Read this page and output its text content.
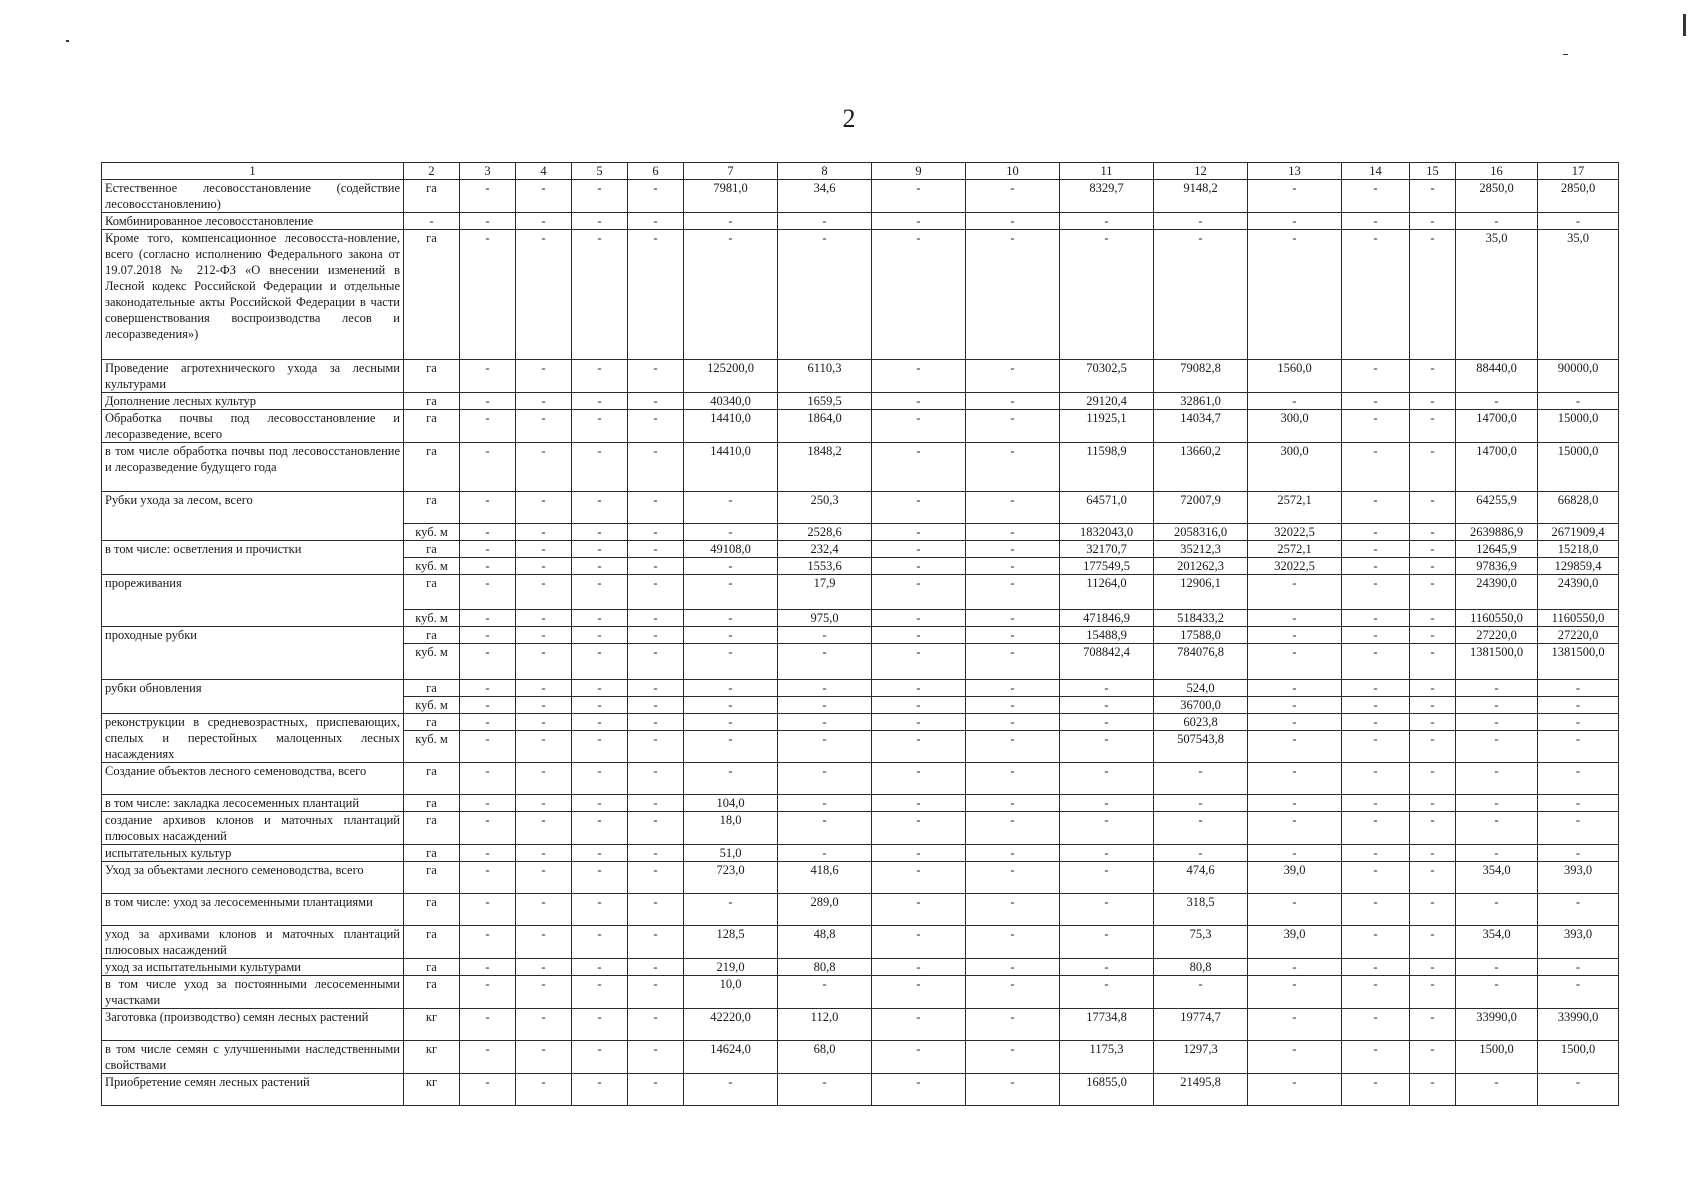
2
1	2	3	4	5	6	7	8	9	10	11	12	13	14	15	16	17
Естественное лесовосстановление (содействие лесовосстановлению)	га	-	-	-	-	7981,0	34,6	-	-	8329,7	9148,2	-	-	-	2850,0	2850,0
Комбинированное лесовосстановление	-	-	-	-	-	-	-	-	-	-	-	-	-	-	-	-
Кроме того, компенсационное лесовосста-новление, всего (согласно исполнению Федерального закона от 19.07.2018 № 212-ФЗ «О внесении изменений в Лесной кодекс Российской Федерации и отдельные законодательные акты Российской Федерации в части совершенствования воспроизводства лесов и лесоразведения»)	га	-	-	-	-	-	-	-	-	-	-	-	-	-	35,0	35,0
Проведение агротехнического ухода за лесными культурами	га	-	-	-	-	125200,0	6110,3	-	-	70302,5	79082,8	1560,0	-	-	88440,0	90000,0
Дополнение лесных культур	га	-	-	-	-	40340,0	1659,5	-	-	29120,4	32861,0	-	-	-	-	-
Обработка почвы под лесовосстановление и лесоразведение, всего	га	-	-	-	-	14410,0	1864,0	-	-	11925,1	14034,7	300,0	-	-	14700,0	15000,0
в том числе обработка почвы под лесовосстановление и лесоразведение будущего года	га	-	-	-	-	14410,0	1848,2	-	-	11598,9	13660,2	300,0	-	-	14700,0	15000,0
Рубки ухода за лесом, всего	га	-	-	-	-	-	250,3	-	-	64571,0	72007,9	2572,1	-	-	64255,9	66828,0
	куб. м	-	-	-	-	-	2528,6	-	-	1832043,0	2058316,0	32022,5	-	-	2639886,9	2671909,4
в том числе: осветления и прочистки	га	-	-	-	-	49108,0	232,4	-	-	32170,7	35212,3	2572,1	-	-	12645,9	15218,0
	куб. м	-	-	-	-	-	1553,6	-	-	177549,5	201262,3	32022,5	-	-	97836,9	129859,4
прореживания	га	-	-	-	-	-	17,9	-	-	11264,0	12906,1	-	-	-	24390,0	24390,0
	куб. м	-	-	-	-	-	975,0	-	-	471846,9	518433,2	-	-	-	1160550,0	1160550,0
проходные рубки	га	-	-	-	-	-	-	-	-	15488,9	17588,0	-	-	-	27220,0	27220,0
	куб. м	-	-	-	-	-	-	-	-	708842,4	784076,8	-	-	-	1381500,0	1381500,0
рубки обновления	га	-	-	-	-	-	-	-	-	-	524,0	-	-	-	-	-
	куб. м	-	-	-	-	-	-	-	-	-	36700,0	-	-	-	-	-
реконструкции в средневозрастных, приспевающих, спелых и перестойных малоценных лесных насаждениях	га	-	-	-	-	-	-	-	-	-	6023,8	-	-	-	-	-
	куб. м	-	-	-	-	-	-	-	-	-	507543,8	-	-	-	-	-
Создание объектов лесного семеноводства, всего	га	-	-	-	-	-	-	-	-	-	-	-	-	-	-	-
в том числе: закладка лесосеменных плантаций	га	-	-	-	-	104,0	-	-	-	-	-	-	-	-	-	-
создание архивов клонов и маточных плантаций плюсовых насаждений	га	-	-	-	-	18,0	-	-	-	-	-	-	-	-	-	-
испытательных культур	га	-	-	-	-	51,0	-	-	-	-	-	-	-	-	-	-
Уход за объектами лесного семеноводства, всего	га	-	-	-	-	723,0	418,6	-	-	-	474,6	39,0	-	-	354,0	393,0
в том числе: уход за лесосеменными плантациями	га	-	-	-	-	-	289,0	-	-	-	318,5	-	-	-	-	-
уход за архивами клонов и маточных плантаций плюсовых насаждений	га	-	-	-	-	128,5	48,8	-	-	-	75,3	39,0	-	-	354,0	393,0
уход за испытательными культурами	га	-	-	-	-	219,0	80,8	-	-	-	80,8	-	-	-	-	-
в том числе уход за постоянными лесосеменными участками	га	-	-	-	-	10,0	-	-	-	-	-	-	-	-	-	-
Заготовка (производство) семян лесных растений	кг	-	-	-	-	42220,0	112,0	-	-	17734,8	19774,7	-	-	-	33990,0	33990,0
в том числе семян с улучшенными наследственными свойствами	кг	-	-	-	-	14624,0	68,0	-	-	1175,3	1297,3	-	-	-	1500,0	1500,0
Приобретение семян лесных растений	кг	-	-	-	-	-	-	-	-	16855,0	21495,8	-	-	-	-	-
